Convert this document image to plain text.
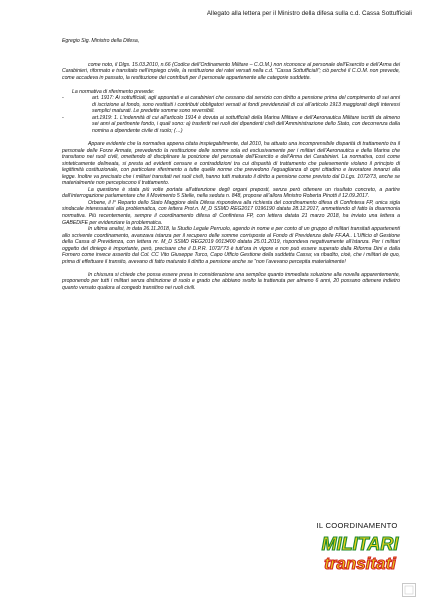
Allegato alla lettera per il Ministro della difesa sulla c.d. Cassa Sottufficiali

Egregio Sig. Ministro della Difesa,

come noto, il Dlgs. 15.03.2010, n.66 (Codice dell’Ordinamento Militare – C.O.M.) non riconosce al personale dell’Esercito e dell’Arma dei Carabinieri, riformato e transitato nell’impiego civile, la restituzione dei ratei versati nella c.d. “Cassa Sottufficiali”; ciò perché il C.O.M. non prevede, come accadeva in passato, la restituzione dei contributi per il personale appartenente alle categorie suddette.

La normativa di riferimento prevede:

-	art. 1917: Ai sottufficiali, agli appuntati e ai carabinieri che cessano dal servizio con diritto a pensione prima del compimento di sei anni di iscrizione al fondo, sono restituiti i contributi obbligatori versati ai fondi previdenziali di cui all’articolo 1913 maggiorati degli interessi semplici maturati. Le predette somme sono reversibili.
-	art.1919: 1. L’indennità di cui all’articolo 1914 è dovuta ai sottufficiali della Marina Militare e dell’Aeronautica Militare iscritti da almeno sei anni al pertinente fondo, i quali sono: a) trasferiti nei ruoli dei dipendenti civili dell’Amministrazione dello Stato, con decorrenza dalla nomina a dipendente civile di ruolo; (…)

Appare evidente che la normativa appena citata inspiegabilmente, dal 2010, ha attuato una incomprensibile disparità di trattamento tra il personale delle Forze Armate, prevedendo la restituzione delle somme sola ed esclusivamente per i militari dell’Aeronautica e della Marina che transitano nei ruoli civili, omettendo di disciplinare la posizione del personale dell’Esercito e dell’Arma dei Carabinieri. La normativa, così come sinteticamente delineata, si presta ad evidenti censure e contraddizioni tra cui disparità di trattamento che palesemente violano il principio di legittimità costituzionale, con particolare riferimento a tutte quelle norme che prevedono l’eguaglianza di ogni cittadino e lavoratore innanzi alla legge. Inoltre va precisato che i militari transitati nei ruoli civili, hanno tutti maturato il diritto a pensione come previsto dal D.Lgs. 1072/73, anche se materialmente non percepiscono il trattamento.

La questione è stata più volte portata all’attenzione degli organi preposti, senza però ottenere un risultato concreto, a partire dall’interrogazione parlamentare che il Movimento 5 Stelle, nella seduta n. 848, propose all’allora Ministro Roberta Pinotti il 12.09.2017.

Orbene, il I° Reparto dello Stato Maggiore della Difesa rispondeva alla richiesta del coordinamento difesa di Confintesa FP, unica sigla sindacale interessatasi alla problematica, con lettera Prot.n. M_D SSMD REG2017 0196190 datata 28.12.2017, ammettendo di fatto la disarmonia normativa. Più recentemente, sempre il coordinamento difesa di Confintesa FP, con lettera datata 21 marzo 2018, ha inviato una lettera a GABEDIFE per evidenziare la problematica.

In ultima analisi, in data 26.11.2018, la Studio Legale Perruolo, agendo in nome e per conto di un gruppo di militari transitati appartenenti allo scrivente coordinamento, avanzava istanza per il recupero delle somme corrisposte al Fondo di Previdenza delle FF.AA.. L’Ufficio di Gestione della Cassa di Previdenza, con lettera nr. M_D SSMD REG2019 0013400 datata 25.01.2019, rispondeva negativamente all’istanza. Per i militari oggetto del diniego è importante, però, precisare che il D.P.R. 1072/’73 è tutt’ora in vigore e non può essere superato dalla Riforma Dini e dalla Fornero come invece asserito dal Col. CC Vito Giuseppe Turco, Capo Ufficio Gestione della suddetta Cassa; va ribadito, cioè, che i militari de quo, prima di effettuare il transito, avevano di fatto maturato il diritto a pensione anche se “non l’avevano percepita materialmente!

In chiusura si chiede che possa essere presa in considerazione una semplice quanto immediata soluzione alla novella apparentemente, proponendo per tutti i militari senza distinzione di ruolo e grado che abbiano svolto la trattenuta per almeno 6 anni, 20 possano ottenere indietro quanto versato qualora al congedo transitino nei ruoli civili.

IL COORDINAMENTO
MILITARI
transitati
